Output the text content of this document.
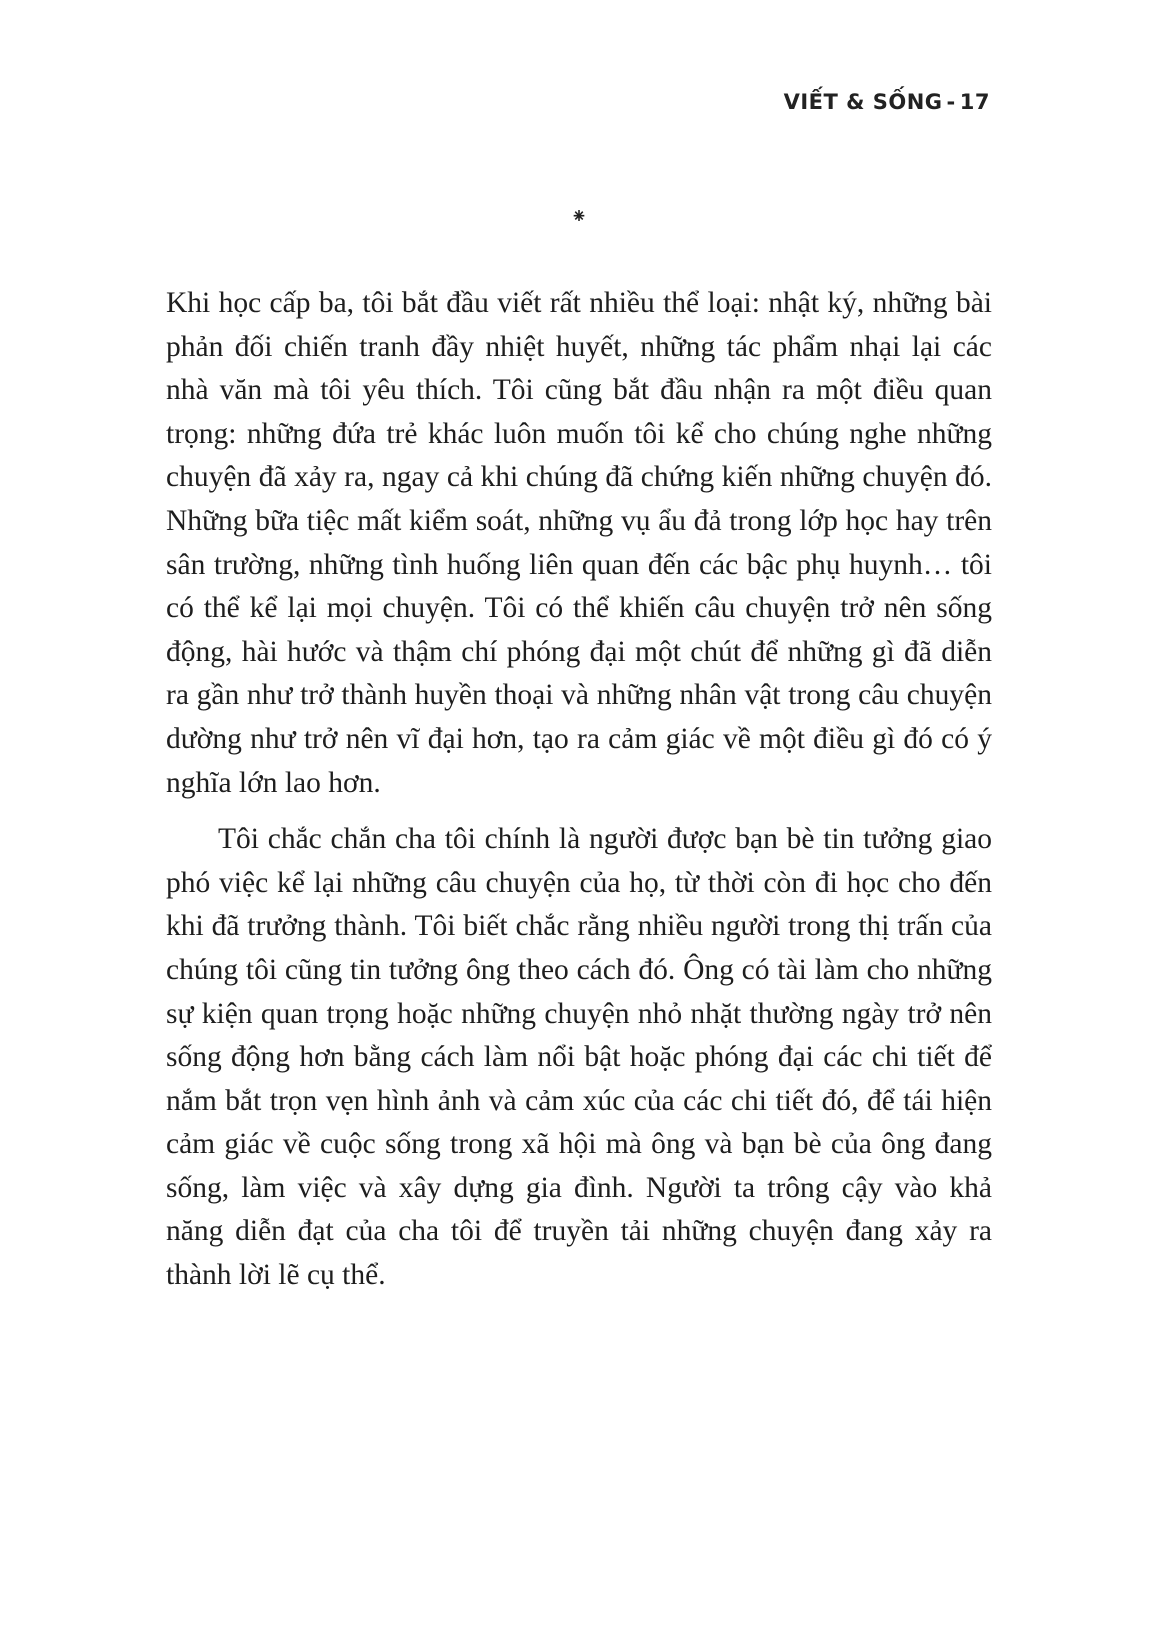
VIẾT & SỐNG - 17
⁕

Khi học cấp ba, tôi bắt đầu viết rất nhiều thể loại: nhật ký, những bài phản đối chiến tranh đầy nhiệt huyết, những tác phẩm nhại lại các nhà văn mà tôi yêu thích. Tôi cũng bắt đầu nhận ra một điều quan trọng: những đứa trẻ khác luôn muốn tôi kể cho chúng nghe những chuyện đã xảy ra, ngay cả khi chúng đã chứng kiến những chuyện đó. Những bữa tiệc mất kiểm soát, những vụ ẩu đả trong lớp học hay trên sân trường, những tình huống liên quan đến các bậc phụ huynh… tôi có thể kể lại mọi chuyện. Tôi có thể khiến câu chuyện trở nên sống động, hài hước và thậm chí phóng đại một chút để những gì đã diễn ra gần như trở thành huyền thoại và những nhân vật trong câu chuyện dường như trở nên vĩ đại hơn, tạo ra cảm giác về một điều gì đó có ý nghĩa lớn lao hơn.

Tôi chắc chắn cha tôi chính là người được bạn bè tin tưởng giao phó việc kể lại những câu chuyện của họ, từ thời còn đi học cho đến khi đã trưởng thành. Tôi biết chắc rằng nhiều người trong thị trấn của chúng tôi cũng tin tưởng ông theo cách đó. Ông có tài làm cho những sự kiện quan trọng hoặc những chuyện nhỏ nhặt thường ngày trở nên sống động hơn bằng cách làm nổi bật hoặc phóng đại các chi tiết để nắm bắt trọn vẹn hình ảnh và cảm xúc của các chi tiết đó, để tái hiện cảm giác về cuộc sống trong xã hội mà ông và bạn bè của ông đang sống, làm việc và xây dựng gia đình. Người ta trông cậy vào khả năng diễn đạt của cha tôi để truyền tải những chuyện đang xảy ra thành lời lẽ cụ thể.
